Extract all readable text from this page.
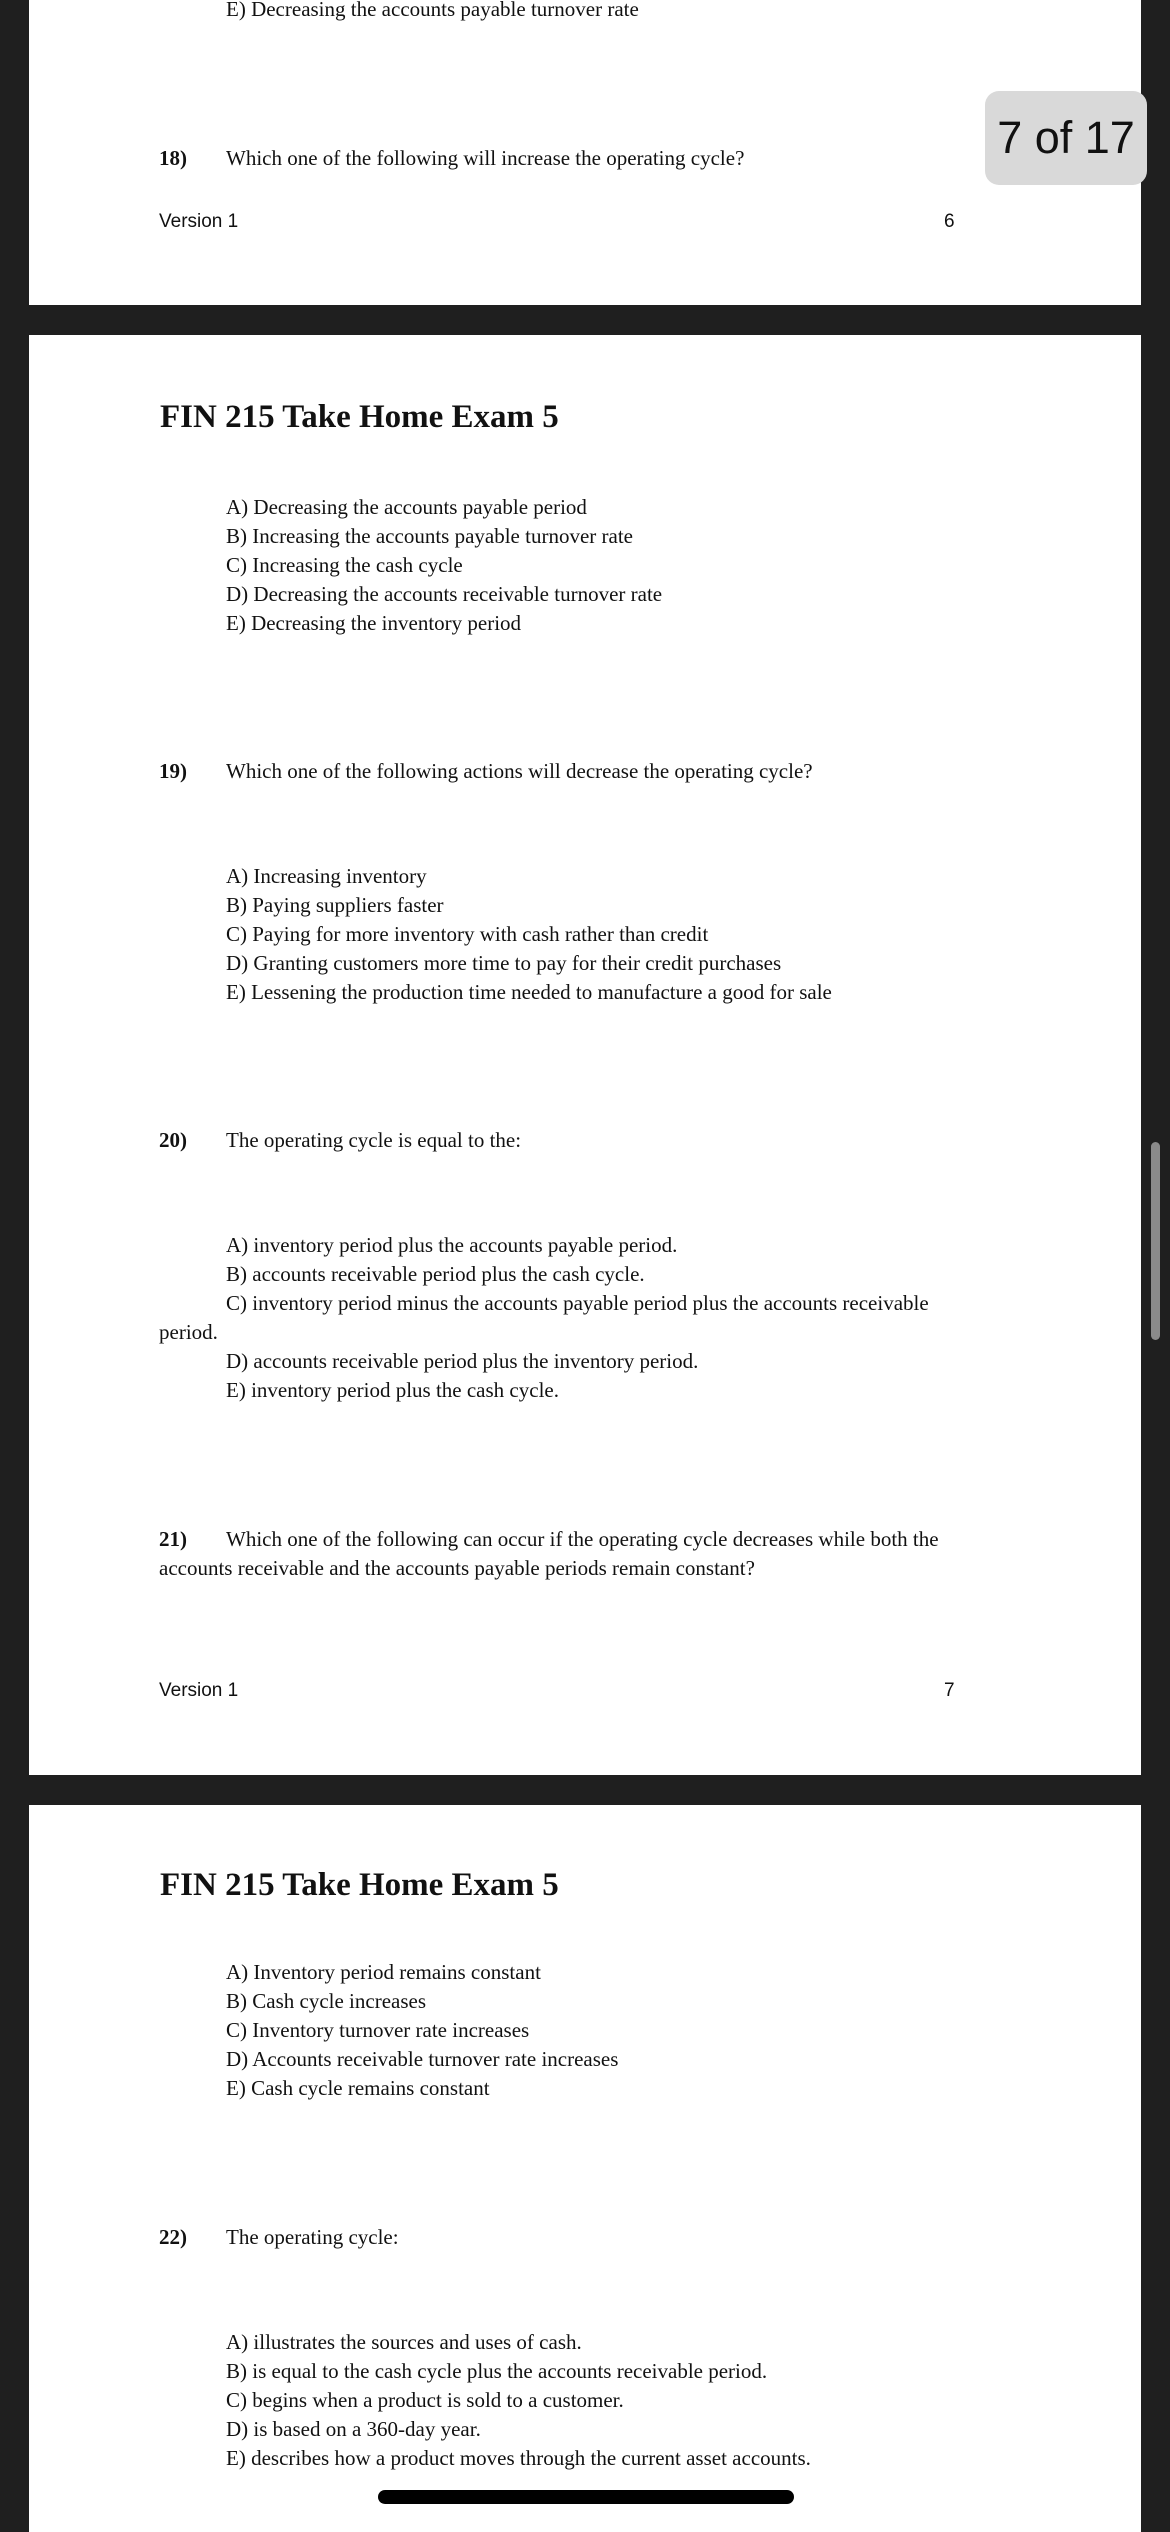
E) Decreasing the accounts payable turnover rate
18) Which one of the following will increase the operating cycle?
Version 1	6
FIN 215 Take Home Exam 5
A) Decreasing the accounts payable period
B) Increasing the accounts payable turnover rate
C) Increasing the cash cycle
D) Decreasing the accounts receivable turnover rate
E) Decreasing the inventory period
19) Which one of the following actions will decrease the operating cycle?
A) Increasing inventory
B) Paying suppliers faster
C) Paying for more inventory with cash rather than credit
D) Granting customers more time to pay for their credit purchases
E) Lessening the production time needed to manufacture a good for sale
20) The operating cycle is equal to the:
A) inventory period plus the accounts payable period.
B) accounts receivable period plus the cash cycle.
C) inventory period minus the accounts payable period plus the accounts receivable
period.
D) accounts receivable period plus the inventory period.
E) inventory period plus the cash cycle.
21) Which one of the following can occur if the operating cycle decreases while both the
accounts receivable and the accounts payable periods remain constant?
Version 1	7
FIN 215 Take Home Exam 5
A) Inventory period remains constant
B) Cash cycle increases
C) Inventory turnover rate increases
D) Accounts receivable turnover rate increases
E) Cash cycle remains constant
22) The operating cycle:
A) illustrates the sources and uses of cash.
B) is equal to the cash cycle plus the accounts receivable period.
C) begins when a product is sold to a customer.
D) is based on a 360-day year.
E) describes how a product moves through the current asset accounts.
7 of 17
